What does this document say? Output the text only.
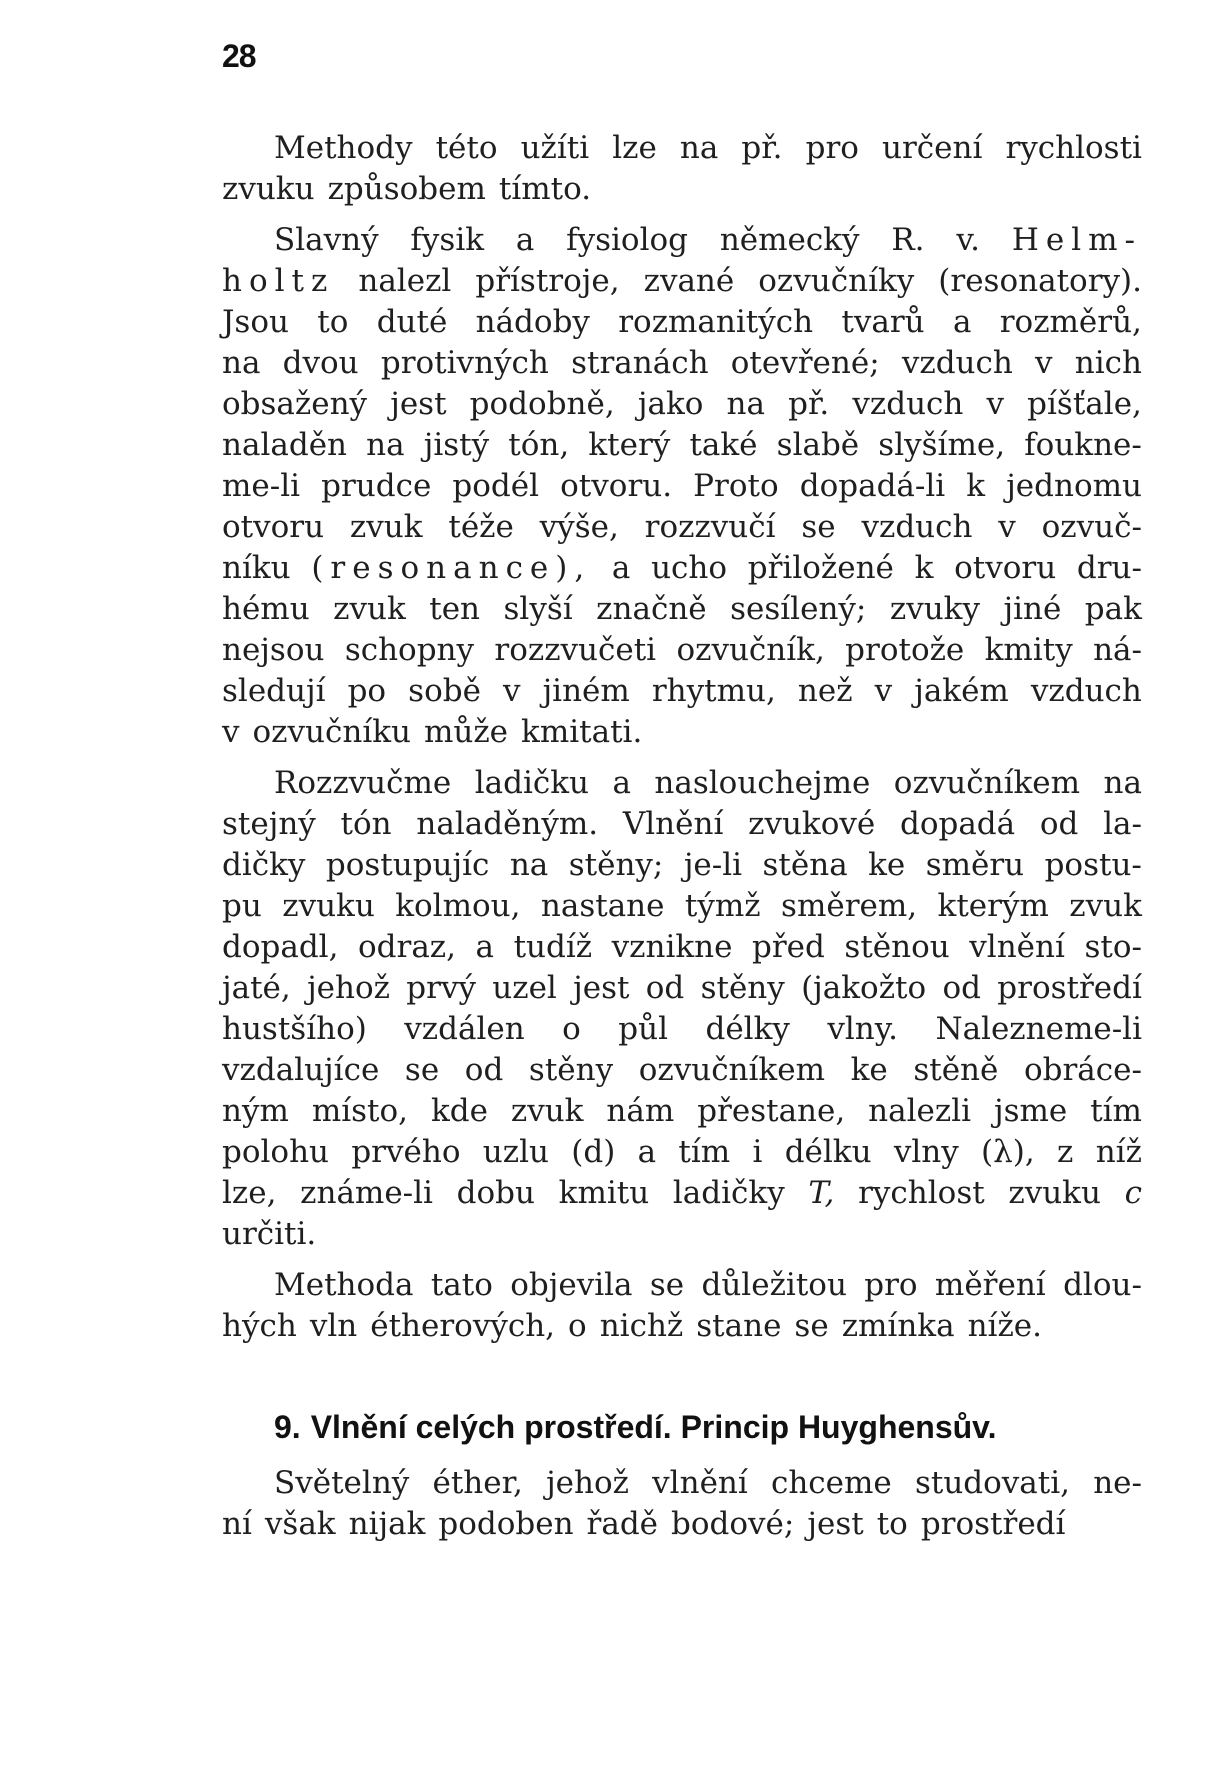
28
Methody této užíti lze na př. pro určení rychlosti
zvuku způsobem tímto.
Slavný fysik a fysiolog německý R. v. Helm-
holtz nalezl přístroje, zvané ozvučníky (resonatory).
Jsou to duté nádoby rozmanitých tvarů a rozměrů,
na dvou protivných stranách otevřené; vzduch v nich
obsažený jest podobně, jako na př. vzduch v píšťale,
naladěn na jistý tón, který také slabě slyšíme, foukne-
me-li prudce podél otvoru. Proto dopadá-li k jednomu
otvoru zvuk téže výše, rozzvučí se vzduch v ozvuč-
níku (resonance), a ucho přiložené k otvoru dru-
hému zvuk ten slyší značně sesílený; zvuky jiné pak
nejsou schopny rozzvučeti ozvučník, protože kmity ná-
sledují po sobě v jiném rhytmu, než v jakém vzduch
v ozvučníku může kmitati.
Rozzvučme ladičku a naslouchejme ozvučníkem na
stejný tón naladěným. Vlnění zvukové dopadá od la-
dičky postupujíc na stěny; je-li stěna ke směru postu-
pu zvuku kolmou, nastane týmž směrem, kterým zvuk
dopadl, odraz, a tudíž vznikne před stěnou vlnění sto-
jaté, jehož prvý uzel jest od stěny (jakožto od prostředí
hustšího) vzdálen o půl délky vlny. Nalezneme-li
vzdalujíce se od stěny ozvučníkem ke stěně obráce-
ným místo, kde zvuk nám přestane, nalezli jsme tím
polohu prvého uzlu (d) a tím i délku vlny (λ), z níž
lze, známe-li dobu kmitu ladičky T, rychlost zvuku c
určiti.
Methoda tato objevila se důležitou pro měření dlou-
hých vln étherových, o nichž stane se zmínka níže.
9. Vlnění celých prostředí. Princip Huyghensův.
Světelný éther, jehož vlnění chceme studovati, ne-
ní však nijak podoben řadě bodové; jest to prostředí
